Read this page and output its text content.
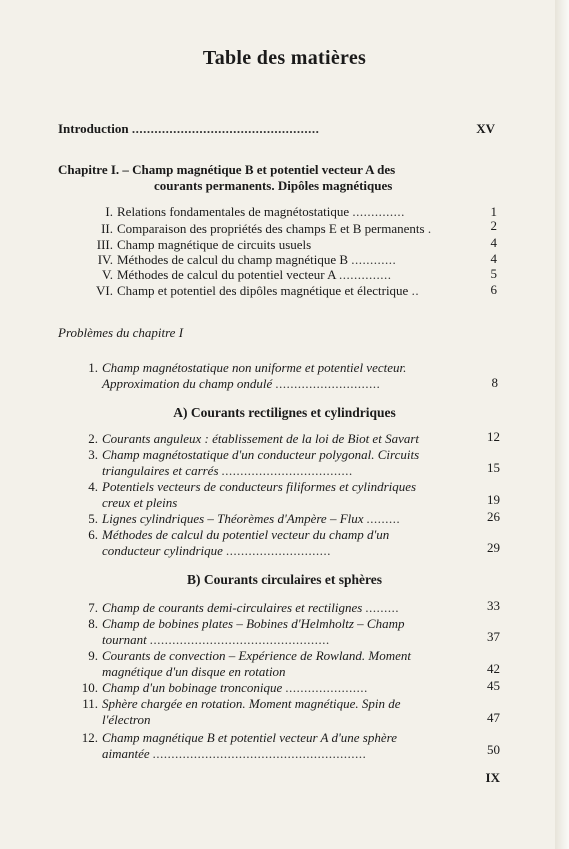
Table des matières
Introduction ..................................................	XV
Chapitre I. – Champ magnétique B et potentiel vecteur A des
courants permanents. Dipôles magnétiques
I. Relations fondamentales de magnétostatique ..............	1
II. Comparaison des propriétés des champs E et B permanents .	2
III. Champ magnétique de circuits usuels	4
IV. Méthodes de calcul du champ magnétique B ............	4
V. Méthodes de calcul du potentiel vecteur A ..............	5
VI. Champ et potentiel des dipôles magnétique et électrique ..	6
Problèmes du chapitre I
1. Champ magnétostatique non uniforme et potentiel vecteur.
Approximation du champ ondulé ............................	8
A) Courants rectilignes et cylindriques
2. Courants anguleux : établissement de la loi de Biot et Savart	12
3. Champ magnétostatique d'un conducteur polygonal. Circuits
triangulaires et carrés ...................................	15
4. Potentiels vecteurs de conducteurs filiformes et cylindriques
creux et pleins	19
5. Lignes cylindriques – Théorèmes d'Ampère – Flux .........	26
6. Méthodes de calcul du potentiel vecteur du champ d'un
conducteur cylindrique ............................	29
B) Courants circulaires et sphères
7. Champ de courants demi-circulaires et rectilignes .........	33
8. Champ de bobines plates – Bobines d'Helmholtz – Champ
tournant ................................................	37
9. Courants de convection – Expérience de Rowland. Moment
magnétique d'un disque en rotation	42
10. Champ d'un bobinage tronconique ......................	45
11. Sphère chargée en rotation. Moment magnétique. Spin de
l'électron	47
12. Champ magnétique B et potentiel vecteur A d'une sphère
aimantée .........................................................	50
IX
